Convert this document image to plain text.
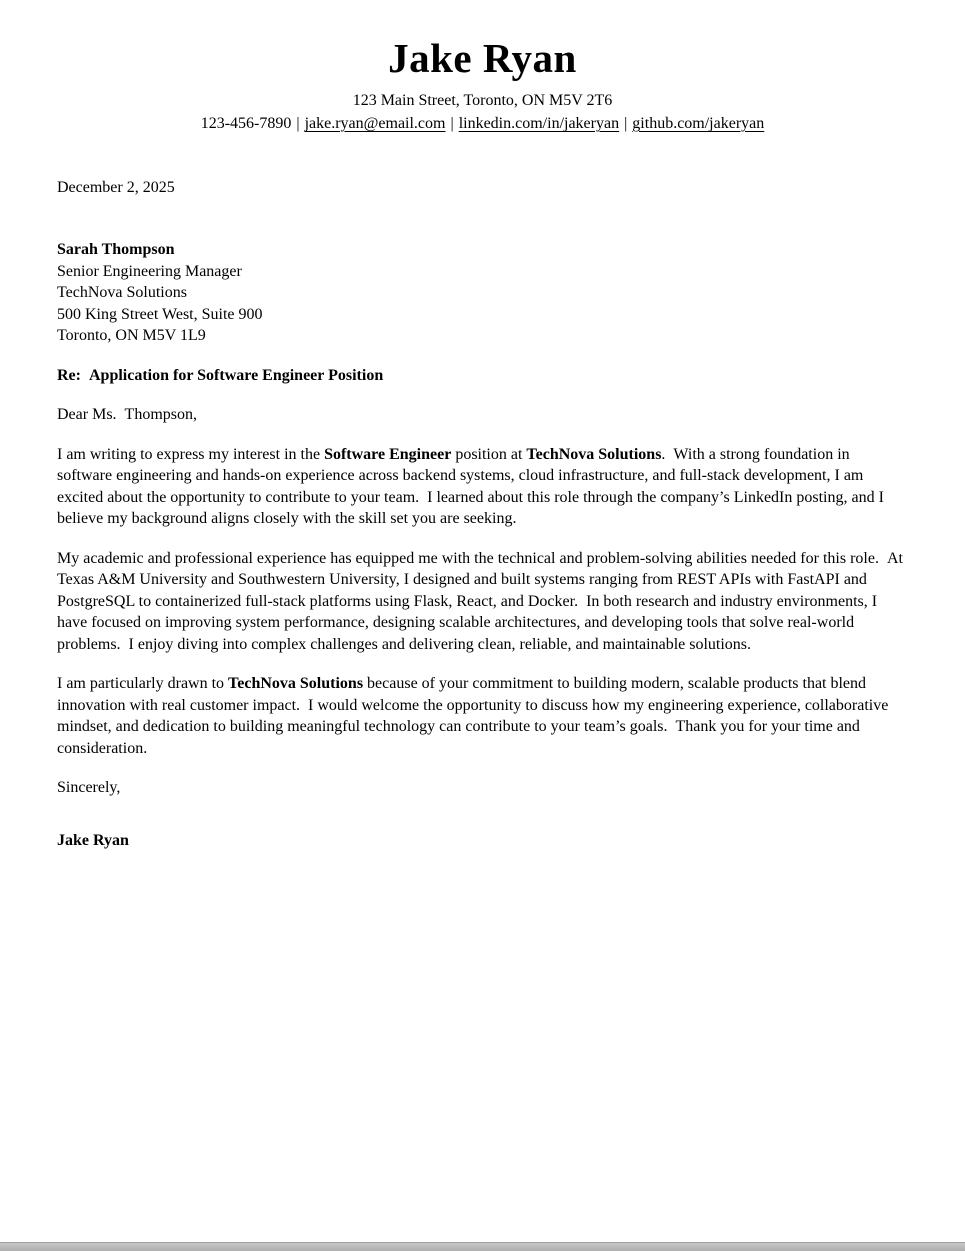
Jake Ryan
123 Main Street, Toronto, ON M5V 2T6
123-456-7890 | jake.ryan@email.com | linkedin.com/in/jakeryan | github.com/jakeryan

December 2, 2025

Sarah Thompson
Senior Engineering Manager
TechNova Solutions
500 King Street West, Suite 900
Toronto, ON M5V 1L9

Re: Application for Software Engineer Position

Dear Ms. Thompson,

I am writing to express my interest in the Software Engineer position at TechNova Solutions. With a strong foundation in software engineering and hands-on experience across backend systems, cloud infrastructure, and full-stack development, I am excited about the opportunity to contribute to your team. I learned about this role through the company’s LinkedIn posting, and I believe my background aligns closely with the skill set you are seeking.

My academic and professional experience has equipped me with the technical and problem-solving abilities needed for this role. At Texas A&M University and Southwestern University, I designed and built systems ranging from REST APIs with FastAPI and PostgreSQL to containerized full-stack platforms using Flask, React, and Docker. In both research and industry environments, I have focused on improving system performance, designing scalable architectures, and developing tools that solve real-world problems. I enjoy diving into complex challenges and delivering clean, reliable, and maintainable solutions.

I am particularly drawn to TechNova Solutions because of your commitment to building modern, scalable products that blend innovation with real customer impact. I would welcome the opportunity to discuss how my engineering experience, collaborative mindset, and dedication to building meaningful technology can contribute to your team’s goals. Thank you for your time and consideration.

Sincerely,

Jake Ryan
